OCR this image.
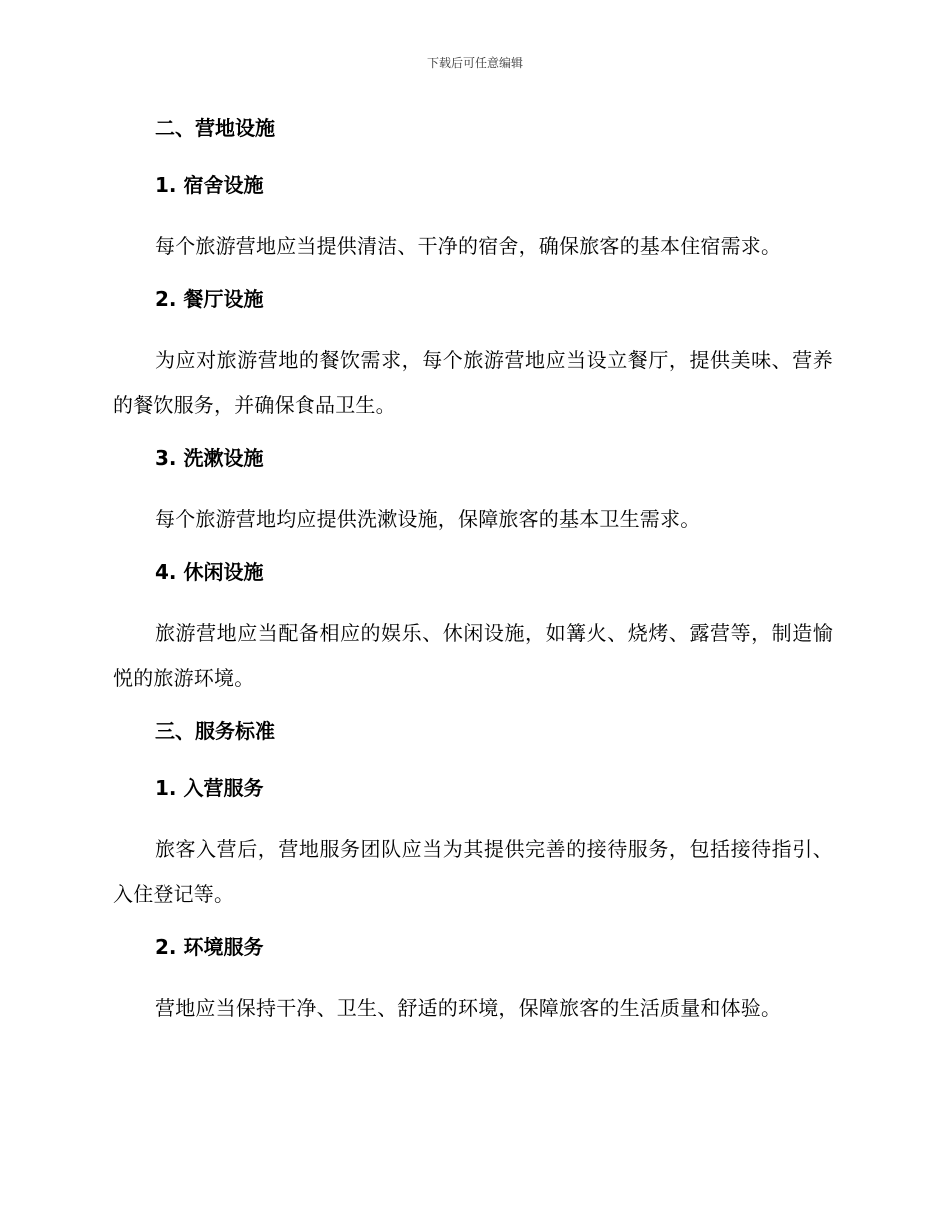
下载后可任意编辑
二、营地设施
1. 宿舍设施
每个旅游营地应当提供清洁、干净的宿舍，确保旅客的基本住宿需求。
2. 餐厅设施
为应对旅游营地的餐饮需求，每个旅游营地应当设立餐厅，提供美味、营养的餐饮服务，并确保食品卫生。
3. 洗漱设施
每个旅游营地均应提供洗漱设施，保障旅客的基本卫生需求。
4. 休闲设施
旅游营地应当配备相应的娱乐、休闲设施，如篝火、烧烤、露营等，制造愉悦的旅游环境。
三、服务标准
1. 入营服务
旅客入营后，营地服务团队应当为其提供完善的接待服务，包括接待指引、入住登记等。
2. 环境服务
营地应当保持干净、卫生、舒适的环境，保障旅客的生活质量和体验。
